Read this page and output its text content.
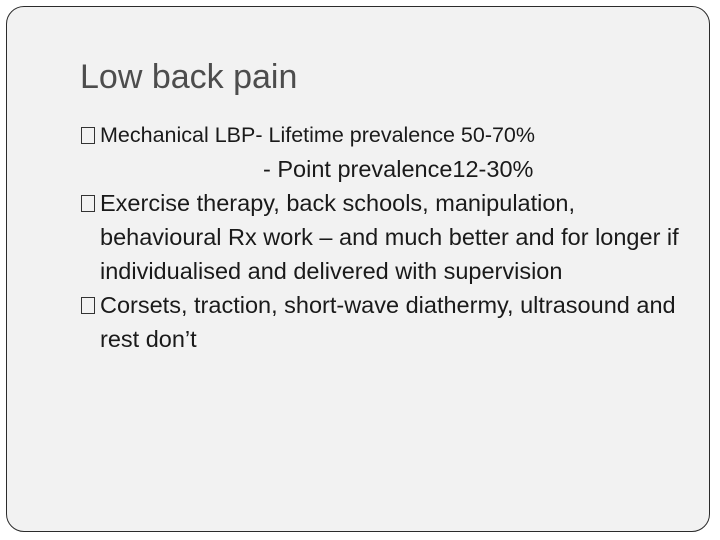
Low back pain
Mechanical LBP- Lifetime prevalence 50-70%
- Point prevalence12-30%
Exercise therapy, back schools, manipulation, behavioural Rx work – and much better and for longer if individualised and delivered with supervision
Corsets, traction, short-wave diathermy, ultrasound and rest don’t
